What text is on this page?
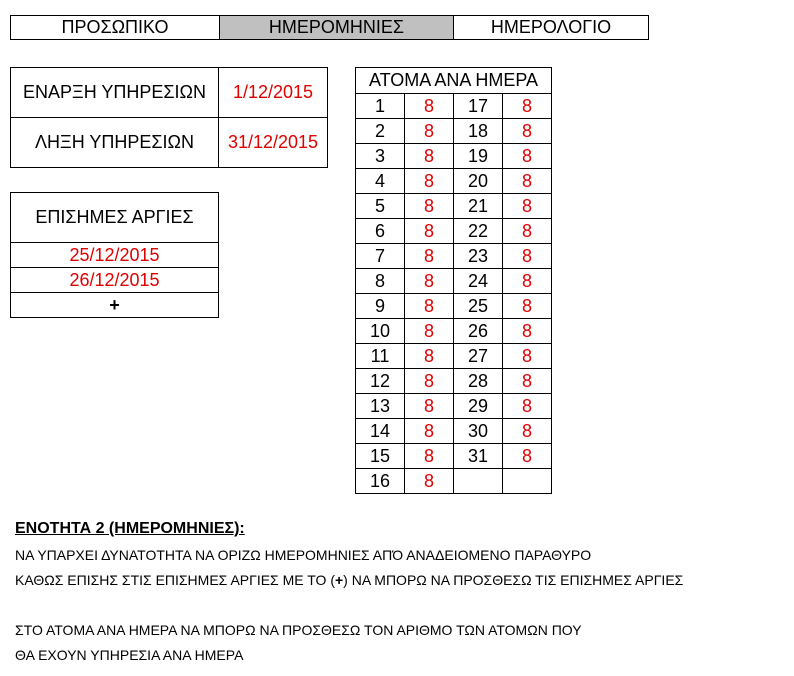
ΠΡΟΣΩΠΙΚΟ	ΗΜΕΡΟΜΗΝΙΕΣ	ΗΜΕΡΟΛΟΓΙΟ
ΕΝΑΡΞΗ ΥΠΗΡΕΣΙΩΝ	1/12/2015
ΛΗΞΗ ΥΠΗΡΕΣΙΩΝ	31/12/2015
ΕΠΙΣΗΜΕΣ ΑΡΓΙΕΣ
25/12/2015
26/12/2015
+
ΑΤΟΜΑ ΑΝΑ ΗΜΕΡΑ			
1	8	17	8
2	8	18	8
3	8	19	8
4	8	20	8
5	8	21	8
6	8	22	8
7	8	23	8
8	8	24	8
9	8	25	8
10	8	26	8
11	8	27	8
12	8	28	8
13	8	29	8
14	8	30	8
15	8	31	8
16	8		
ΕΝΟΤΗΤΑ 2 (ΗΜΕΡΟΜΗΝΙΕΣ):
ΝΑ ΥΠΑΡΧΕΙ ΔΥΝΑΤΟΤΗΤΑ ΝΑ ΟΡΙΖΩ ΗΜΕΡΟΜΗΝΙΕΣ ΑΠΌ ΑΝΑΔΕΙΟΜΕΝΟ ΠΑΡΑΘΥΡΟ
ΚΑΘΩΣ ΕΠΙΣΗΣ ΣΤΙΣ ΕΠΙΣΗΜΕΣ ΑΡΓΙΕΣ ΜΕ ΤΟ (+) ΝΑ ΜΠΟΡΩ ΝΑ ΠΡΟΣΘΕΣΩ ΤΙΣ ΕΠΙΣΗΜΕΣ ΑΡΓΙΕΣ
ΣΤΟ ΑΤΟΜΑ ΑΝΑ ΗΜΕΡΑ ΝΑ ΜΠΟΡΩ ΝΑ ΠΡΟΣΘΕΣΩ ΤΟΝ ΑΡΙΘΜΟ ΤΩΝ ΑΤΟΜΩΝ ΠΟΥ
ΘΑ ΕΧΟΥΝ ΥΠΗΡΕΣΙΑ ΑΝΑ ΗΜΕΡΑ
